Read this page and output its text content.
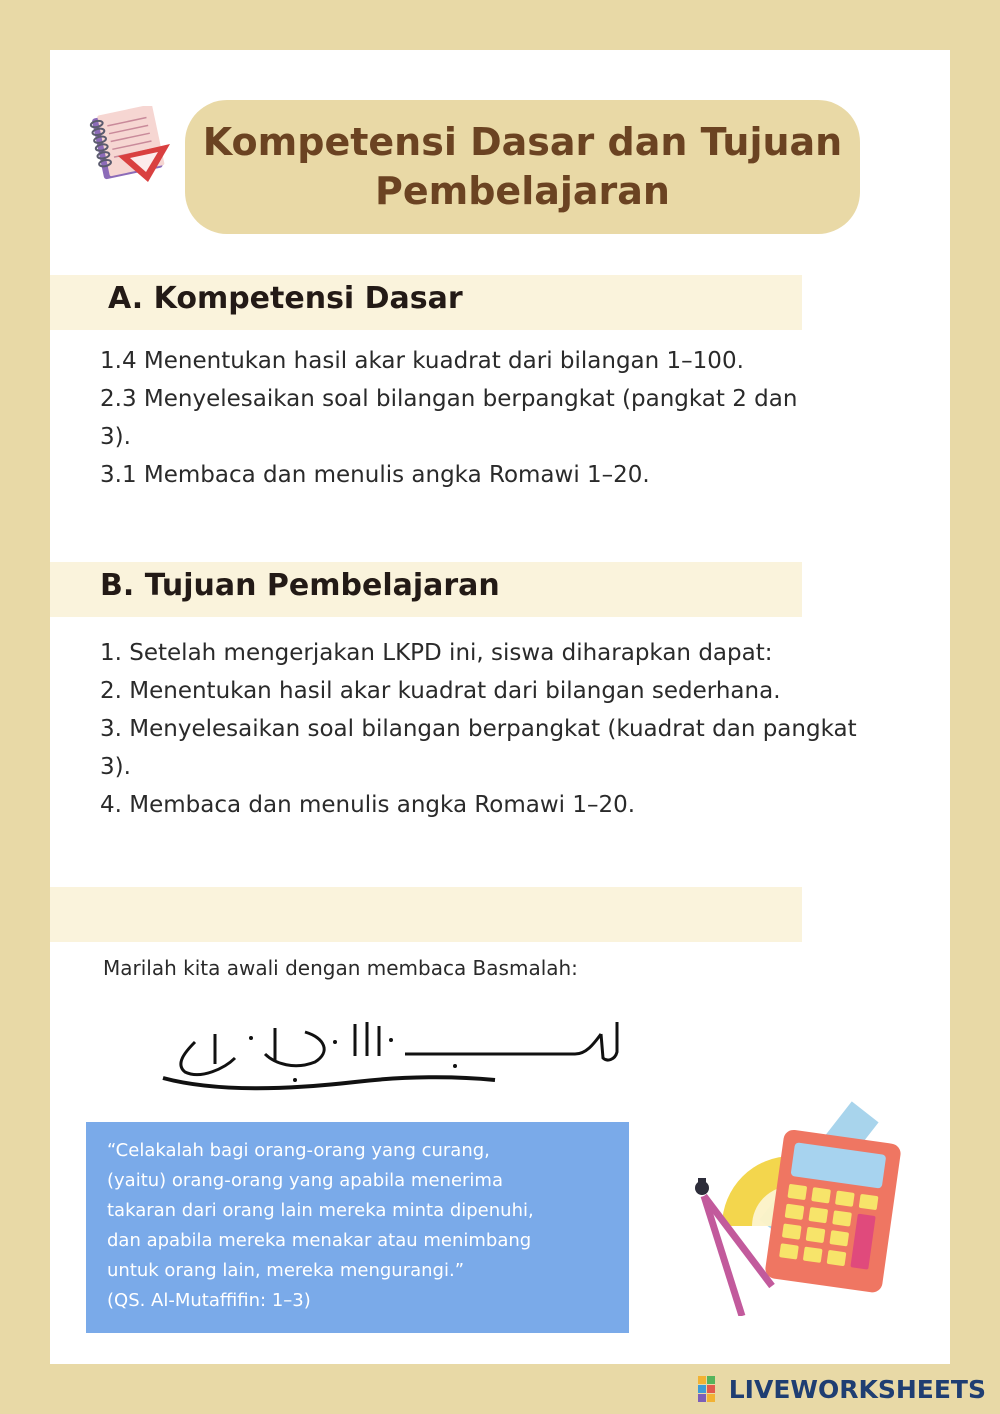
Kompetensi Dasar dan Tujuan
Pembelajaran
A. Kompetensi Dasar
1.4 Menentukan hasil akar kuadrat dari bilangan 1–100.
2.3 Menyelesaikan soal bilangan berpangkat (pangkat 2 dan 3).
3.1 Membaca dan menulis angka Romawi 1–20.
B. Tujuan Pembelajaran
1. Setelah mengerjakan LKPD ini, siswa diharapkan dapat:
2. Menentukan hasil akar kuadrat dari bilangan sederhana.
3. Menyelesaikan soal bilangan berpangkat (kuadrat dan pangkat 3).
4. Membaca dan menulis angka Romawi 1–20.

Marilah kita awali dengan membaca Basmalah:

“Celakalah bagi orang-orang yang curang,

(yaitu) orang-orang yang apabila menerima

takaran dari orang lain mereka minta dipenuhi,

dan apabila mereka menakar atau menimbang

untuk orang lain, mereka mengurangi.”

(QS. Al-Mutaffifin: 1–3)

LIVEWORKSHEETS
